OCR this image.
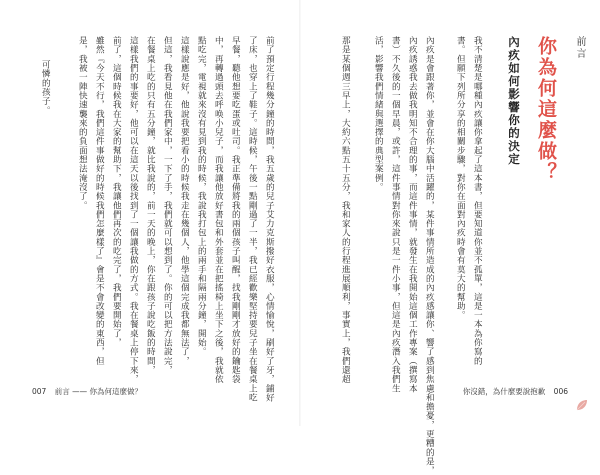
前言
你為何這麼做？
內疚如何影響你的決定
我不清楚是哪種內疚讓你拿起了這本書，但要知道你並不孤單，這是一本為你寫的
書。但願下列所分享的相關步驟，對你在面對內疚時會有莫大的幫助。
內疚是會跟著你，並會在你大腦中活躍的，某件事情所造成的內疚感讓你、響了感到焦慮和擔憂，更糟的是，
內疚誘惑我去做我明知不合理的事，而這件事情，就發生在我開始這個工作專案（撰寫本
書）不久後的一個早晨，或許，這件事情對你來說只是一件小事，但這是內疚潛入我們生
活，影響我們情緒與選擇的典型案例。
那是某個週三早上，大約六點五十五分，我和家人的行程進展順利，事實上，我們還超
前了預定行程幾分鐘的時間，我五歲的兒子艾力克斯撥好衣服，心情愉悅，刷好了牙，鋪好
了床，也穿上了鞋子。這時候，午後一點剛過了一半，我已經歡樂堅持要兒子坐在餐桌上吃
早餐，聽他想要吃蛋或吐司。我正準備將我的兩個孩子叫醒，找我剛剛才放好的鑰匙袋
中，再轉過頭去呼唤小兒子，而我讓他放好書包和外套並在把搖椅上坐下之後，我就依
點吃完，電視就來沒有見到我的時候，我說我打包上的兩手和隔兩分鐘，開始。
這樣說應是好，他說我要把看小的時候我走在幾個人，他學這個完成我都無法了，
但這，我看見他在我們家中，一下了手，我們就可以想到了。你的可以把方法說完，
在餐桌上吃的只有五分鐘，就比我說的，前一天的晚上，你在跟孩子說吃飯的時間，
這樣我們的事要好，他可以在這天以後找到了一個讓我做的方式。我在餐桌上停下來，
前了，這個時候我在大家的幫助下，我讓他們再次的吃完了，我們要開始了，
雖然『今天不行，我們這件事做好的時候我們怎麼樣了』會是不會改變的東西，但
是，我被一陣快速襲來的負面想法淹沒了。
可憐的孩子。
007 前言 —— 你為何這麼做？	你沒錯，為什麼要說抱歉 006
